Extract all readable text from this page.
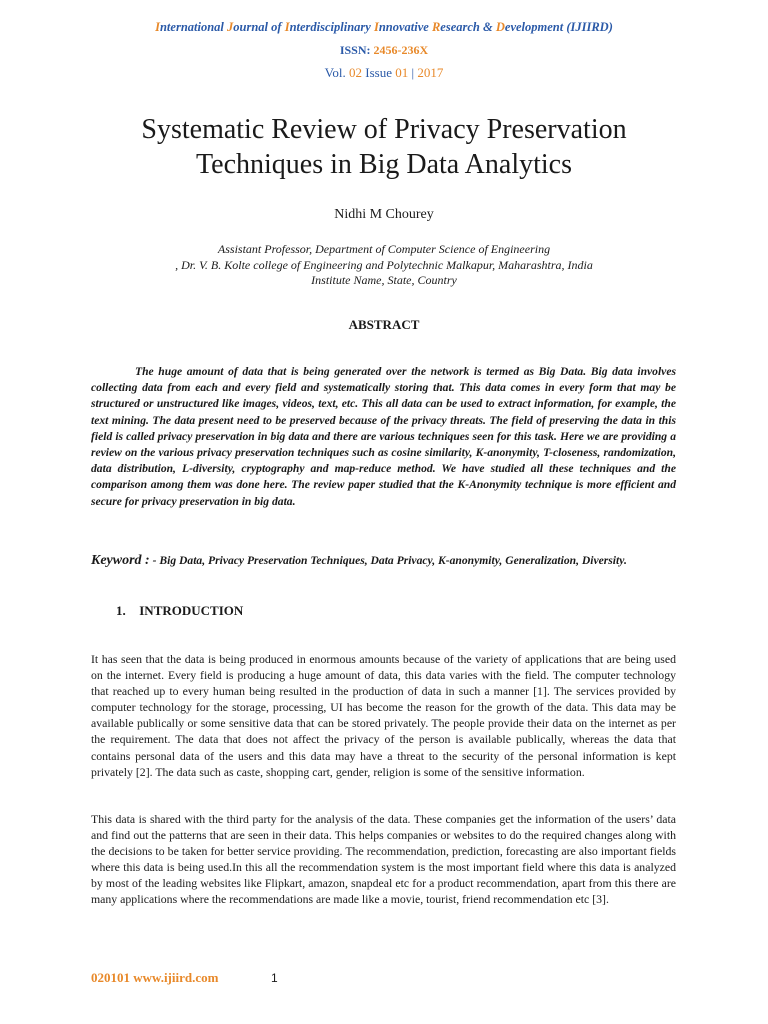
International Journal of Interdisciplinary Innovative Research & Development (IJIIRD)
ISSN: 2456-236X
Vol. 02 Issue 01 | 2017
Systematic Review of Privacy Preservation
Techniques in Big Data Analytics
Nidhi M Chourey
Assistant Professor, Department of Computer Science of Engineering
, Dr. V. B. Kolte college of Engineering and Polytechnic Malkapur, Maharashtra, India
Institute Name, State, Country
ABSTRACT

The huge amount of data that is being generated over the network is termed as Big Data. Big data involves collecting data from each and every field and systematically storing that. This data comes in every form that may be structured or unstructured like images, videos, text, etc. This all data can be used to extract information, for example, the text mining. The data present need to be preserved because of the privacy threats. The field of preserving the data in this field is called privacy preservation in big data and there are various techniques seen for this task. Here we are providing a review on the various privacy preservation techniques such as cosine similarity, K-anonymity, T-closeness, randomization, data distribution, L-diversity, cryptography and map-reduce method. We have studied all these techniques and the comparison among them was done here. The review paper studied that the K-Anonymity technique is more efficient and secure for privacy preservation in big data.

Keyword : - Big Data, Privacy Preservation Techniques, Data Privacy, K-anonymity, Generalization, Diversity.
1. INTRODUCTION

It has seen that the data is being produced in enormous amounts because of the variety of applications that are being used on the internet. Every field is producing a huge amount of data, this data varies with the field. The computer technology that reached up to every human being resulted in the production of data in such a manner [1]. The services provided by computer technology for the storage, processing, UI has become the reason for the growth of the data. This data may be available publically or some sensitive data that can be stored privately. The people provide their data on the internet as per the requirement. The data that does not affect the privacy of the person is available publically, whereas the data that contains personal data of the users and this data may have a threat to the security of the personal information is kept privately [2]. The data such as caste, shopping cart, gender, religion is some of the sensitive information.

This data is shared with the third party for the analysis of the data. These companies get the information of the users’ data and find out the patterns that are seen in their data. This helps companies or websites to do the required changes along with the decisions to be taken for better service providing. The recommendation, prediction, forecasting are also important fields where this data is being used.In this all the recommendation system is the most important field where this data is analyzed by most of the leading websites like Flipkart, amazon, snapdeal etc for a product recommendation, apart from this there are many applications where the recommendations are made like a movie, tourist, friend recommendation etc [3].

020101 www.ijiird.com	1
